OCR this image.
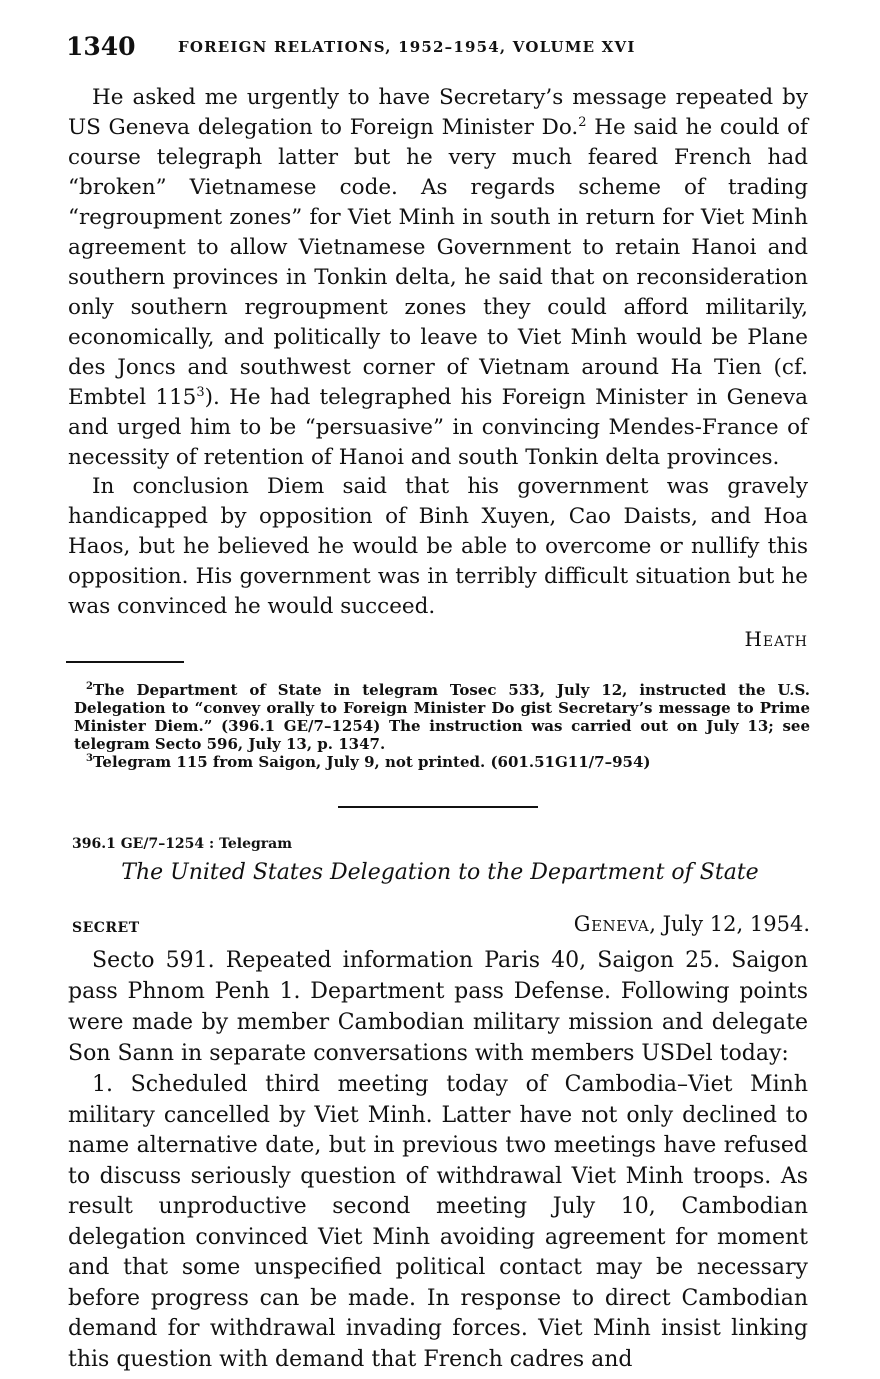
1340	FOREIGN RELATIONS, 1952–1954, VOLUME XVI

He asked me urgently to have Secretary’s message repeated by US Geneva delegation to Foreign Minister Do.$^2$ He said he could of course telegraph latter but he very much feared French had “broken” Vietnamese code. As regards scheme of trading “regroupment zones” for Viet Minh in south in return for Viet Minh agreement to allow Vietnamese Government to retain Hanoi and southern provinces in Tonkin delta, he said that on reconsideration only southern regroupment zones they could afford militarily, economically, and politically to leave to Viet Minh would be Plane des Joncs and southwest corner of Vietnam around Ha Tien (cf. Embtel $115^3$). He had telegraphed his Foreign Minister in Geneva and urged him to be “persuasive” in convincing Mendes-France of necessity of retention of Hanoi and south Tonkin delta provinces.

In conclusion Diem said that his government was gravely handicapped by opposition of Binh Xuyen, Cao Daists, and Hoa Haos, but he believed he would be able to overcome or nullify this opposition. His government was in terribly difficult situation but he was convinced he would succeed.

Heath

$^2$The Department of State in telegram Tosec 533, July 12, instructed the U.S. Delegation to “convey orally to Foreign Minister Do gist Secretary’s message to Prime Minister Diem.” (396.1 GE/7–1254) The instruction was carried out on July 13; see telegram Secto 596, July 13, p. 1347.

$^3$Telegram 115 from Saigon, July 9, not printed. (601.51G11/7–954)

396.1 GE/7–1254 : Telegram
The United States Delegation to the Department of State
SECRET	Geneva, July 12, 1954.

Secto 591. Repeated information Paris 40, Saigon 25. Saigon pass Phnom Penh 1. Department pass Defense. Following points were made by member Cambodian military mission and delegate Son Sann in separate conversations with members USDel today:

1. Scheduled third meeting today of Cambodia–Viet Minh military cancelled by Viet Minh. Latter have not only declined to name alternative date, but in previous two meetings have refused to discuss seriously question of withdrawal Viet Minh troops. As result unproductive second meeting July 10, Cambodian delegation convinced Viet Minh avoiding agreement for moment and that some unspecified political contact may be necessary before progress can be made. In response to direct Cambodian demand for withdrawal invading forces. Viet Minh insist linking this question with demand that French cadres and
